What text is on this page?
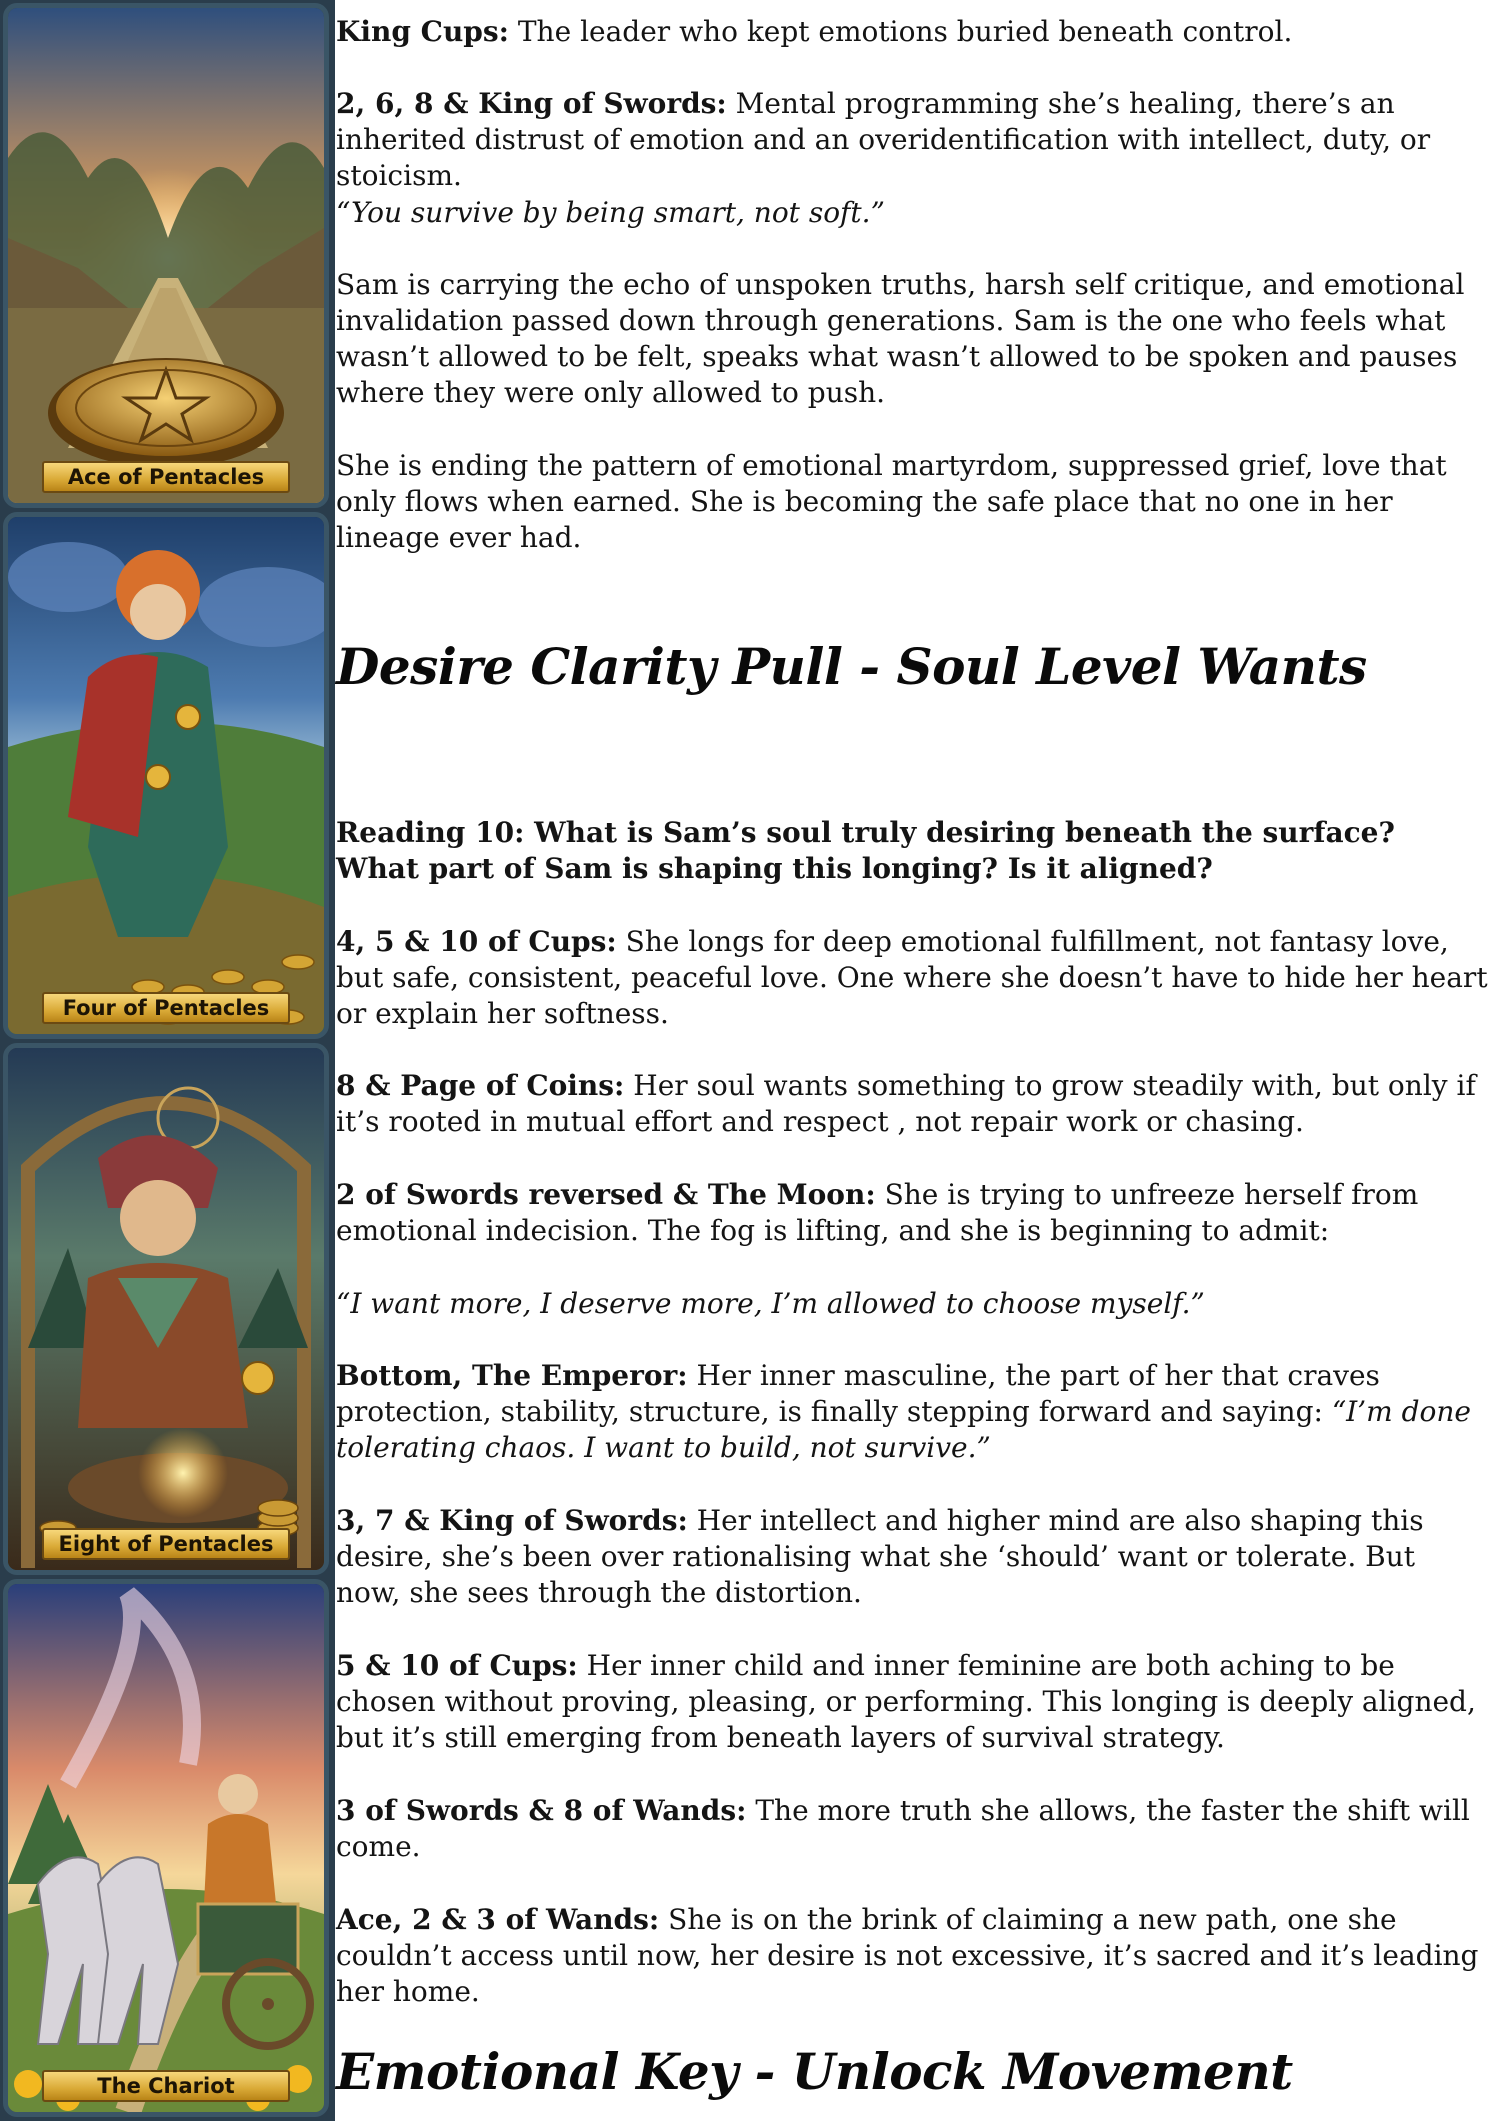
Ace of Pentacles
Four of Pentacles
Eight of Pentacles
The Chariot

King Cups: The leader who kept emotions buried beneath control.

2, 6, 8 & King of Swords: Mental programming she’s healing, there’s an inherited distrust of emotion and an overidentification with intellect, duty, or stoicism.

“You survive by being smart, not soft.”

Sam is carrying the echo of unspoken truths, harsh self critique, and emotional invalidation passed down through generations. Sam is the one who feels what wasn’t allowed to be felt, speaks what wasn’t allowed to be spoken and pauses where they were only allowed to push.

She is ending the pattern of emotional martyrdom, suppressed grief, love that only flows when earned. She is becoming the safe place that no one in her lineage ever had.

Desire Clarity Pull - Soul Level Wants

Reading 10: What is Sam’s soul truly desiring beneath the surface? What part of Sam is shaping this longing? Is it aligned?

4, 5 & 10 of Cups: She longs for deep emotional fulfillment, not fantasy love, but safe, consistent, peaceful love. One where she doesn’t have to hide her heart or explain her softness.

8 & Page of Coins: Her soul wants something to grow steadily with, but only if it’s rooted in mutual effort and respect , not repair work or chasing.

2 of Swords reversed & The Moon: She is trying to unfreeze herself from emotional indecision. The fog is lifting, and she is beginning to admit:

“I want more, I deserve more, I’m allowed to choose myself.”

Bottom, The Emperor: Her inner masculine, the part of her that craves protection, stability, structure, is finally stepping forward and saying: “I’m done tolerating chaos. I want to build, not survive.”

3, 7 & King of Swords: Her intellect and higher mind are also shaping this desire, she’s been over rationalising what she ‘should’ want or tolerate. But now, she sees through the distortion.

5 & 10 of Cups: Her inner child and inner feminine are both aching to be chosen without proving, pleasing, or performing. This longing is deeply aligned, but it’s still emerging from beneath layers of survival strategy.

3 of Swords & 8 of Wands: The more truth she allows, the faster the shift will come.

Ace, 2 & 3 of Wands: She is on the brink of claiming a new path, one she couldn’t access until now, her desire is not excessive, it’s sacred and it’s leading her home.

Emotional Key - Unlock Movement
